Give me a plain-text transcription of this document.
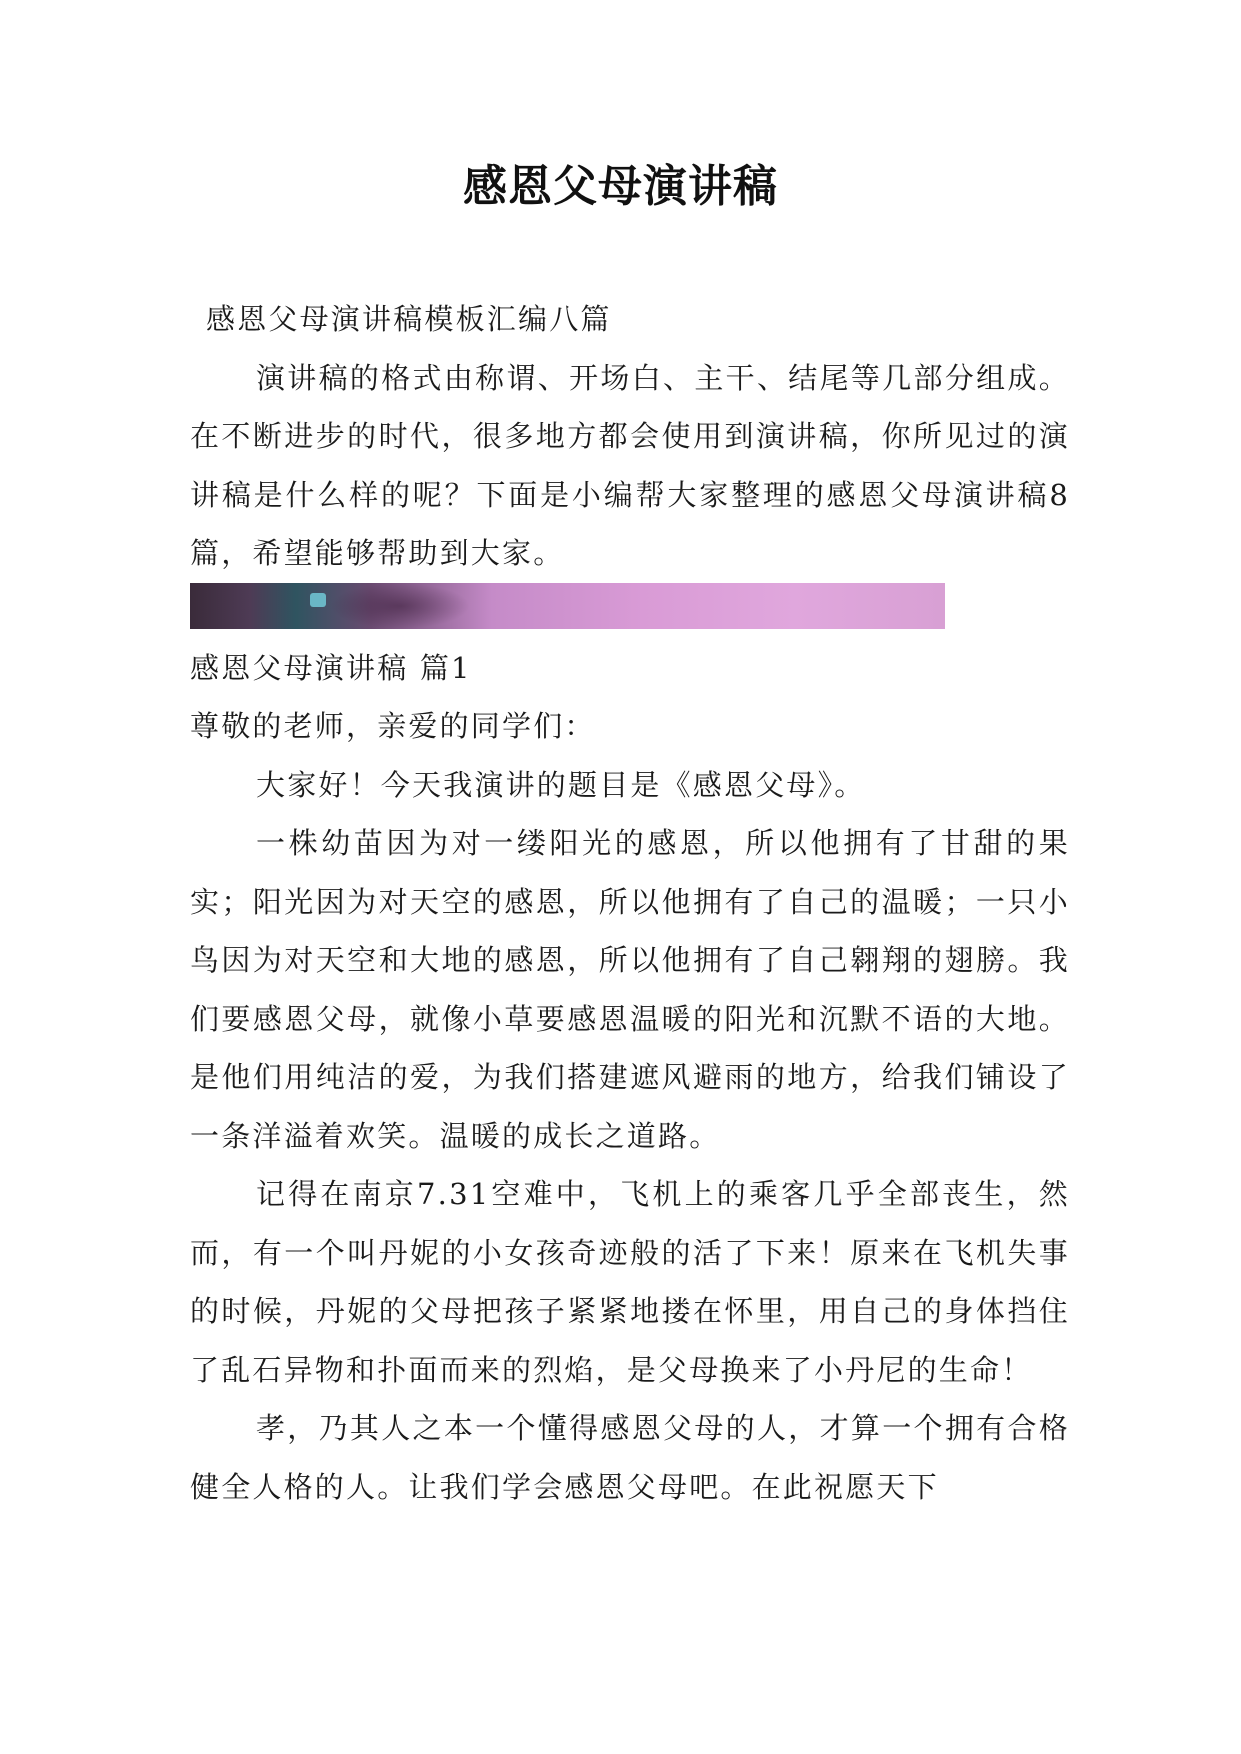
感恩父母演讲稿

感恩父母演讲稿模板汇编八篇

演讲稿的格式由称谓、开场白、主干、结尾等几部分组成。在不断进步的时代，很多地方都会使用到演讲稿，你所见过的演讲稿是什么样的呢？下面是小编帮大家整理的感恩父母演讲稿8篇，希望能够帮助到大家。

感恩父母演讲稿 篇1

尊敬的老师，亲爱的同学们：

大家好！今天我演讲的题目是《感恩父母》。

一株幼苗因为对一缕阳光的感恩，所以他拥有了甘甜的果实；阳光因为对天空的感恩，所以他拥有了自己的温暖；一只小鸟因为对天空和大地的感恩，所以他拥有了自己翱翔的翅膀。我们要感恩父母，就像小草要感恩温暖的阳光和沉默不语的大地。是他们用纯洁的爱，为我们搭建遮风避雨的地方，给我们铺设了一条洋溢着欢笑。温暖的成长之道路。

记得在南京7.31空难中，飞机上的乘客几乎全部丧生，然而，有一个叫丹妮的小女孩奇迹般的活了下来！原来在飞机失事的时候，丹妮的父母把孩子紧紧地搂在怀里，用自己的身体挡住了乱石异物和扑面而来的烈焰，是父母换来了小丹尼的生命！

孝，乃其人之本一个懂得感恩父母的人，才算一个拥有合格健全人格的人。让我们学会感恩父母吧。在此祝愿天下
